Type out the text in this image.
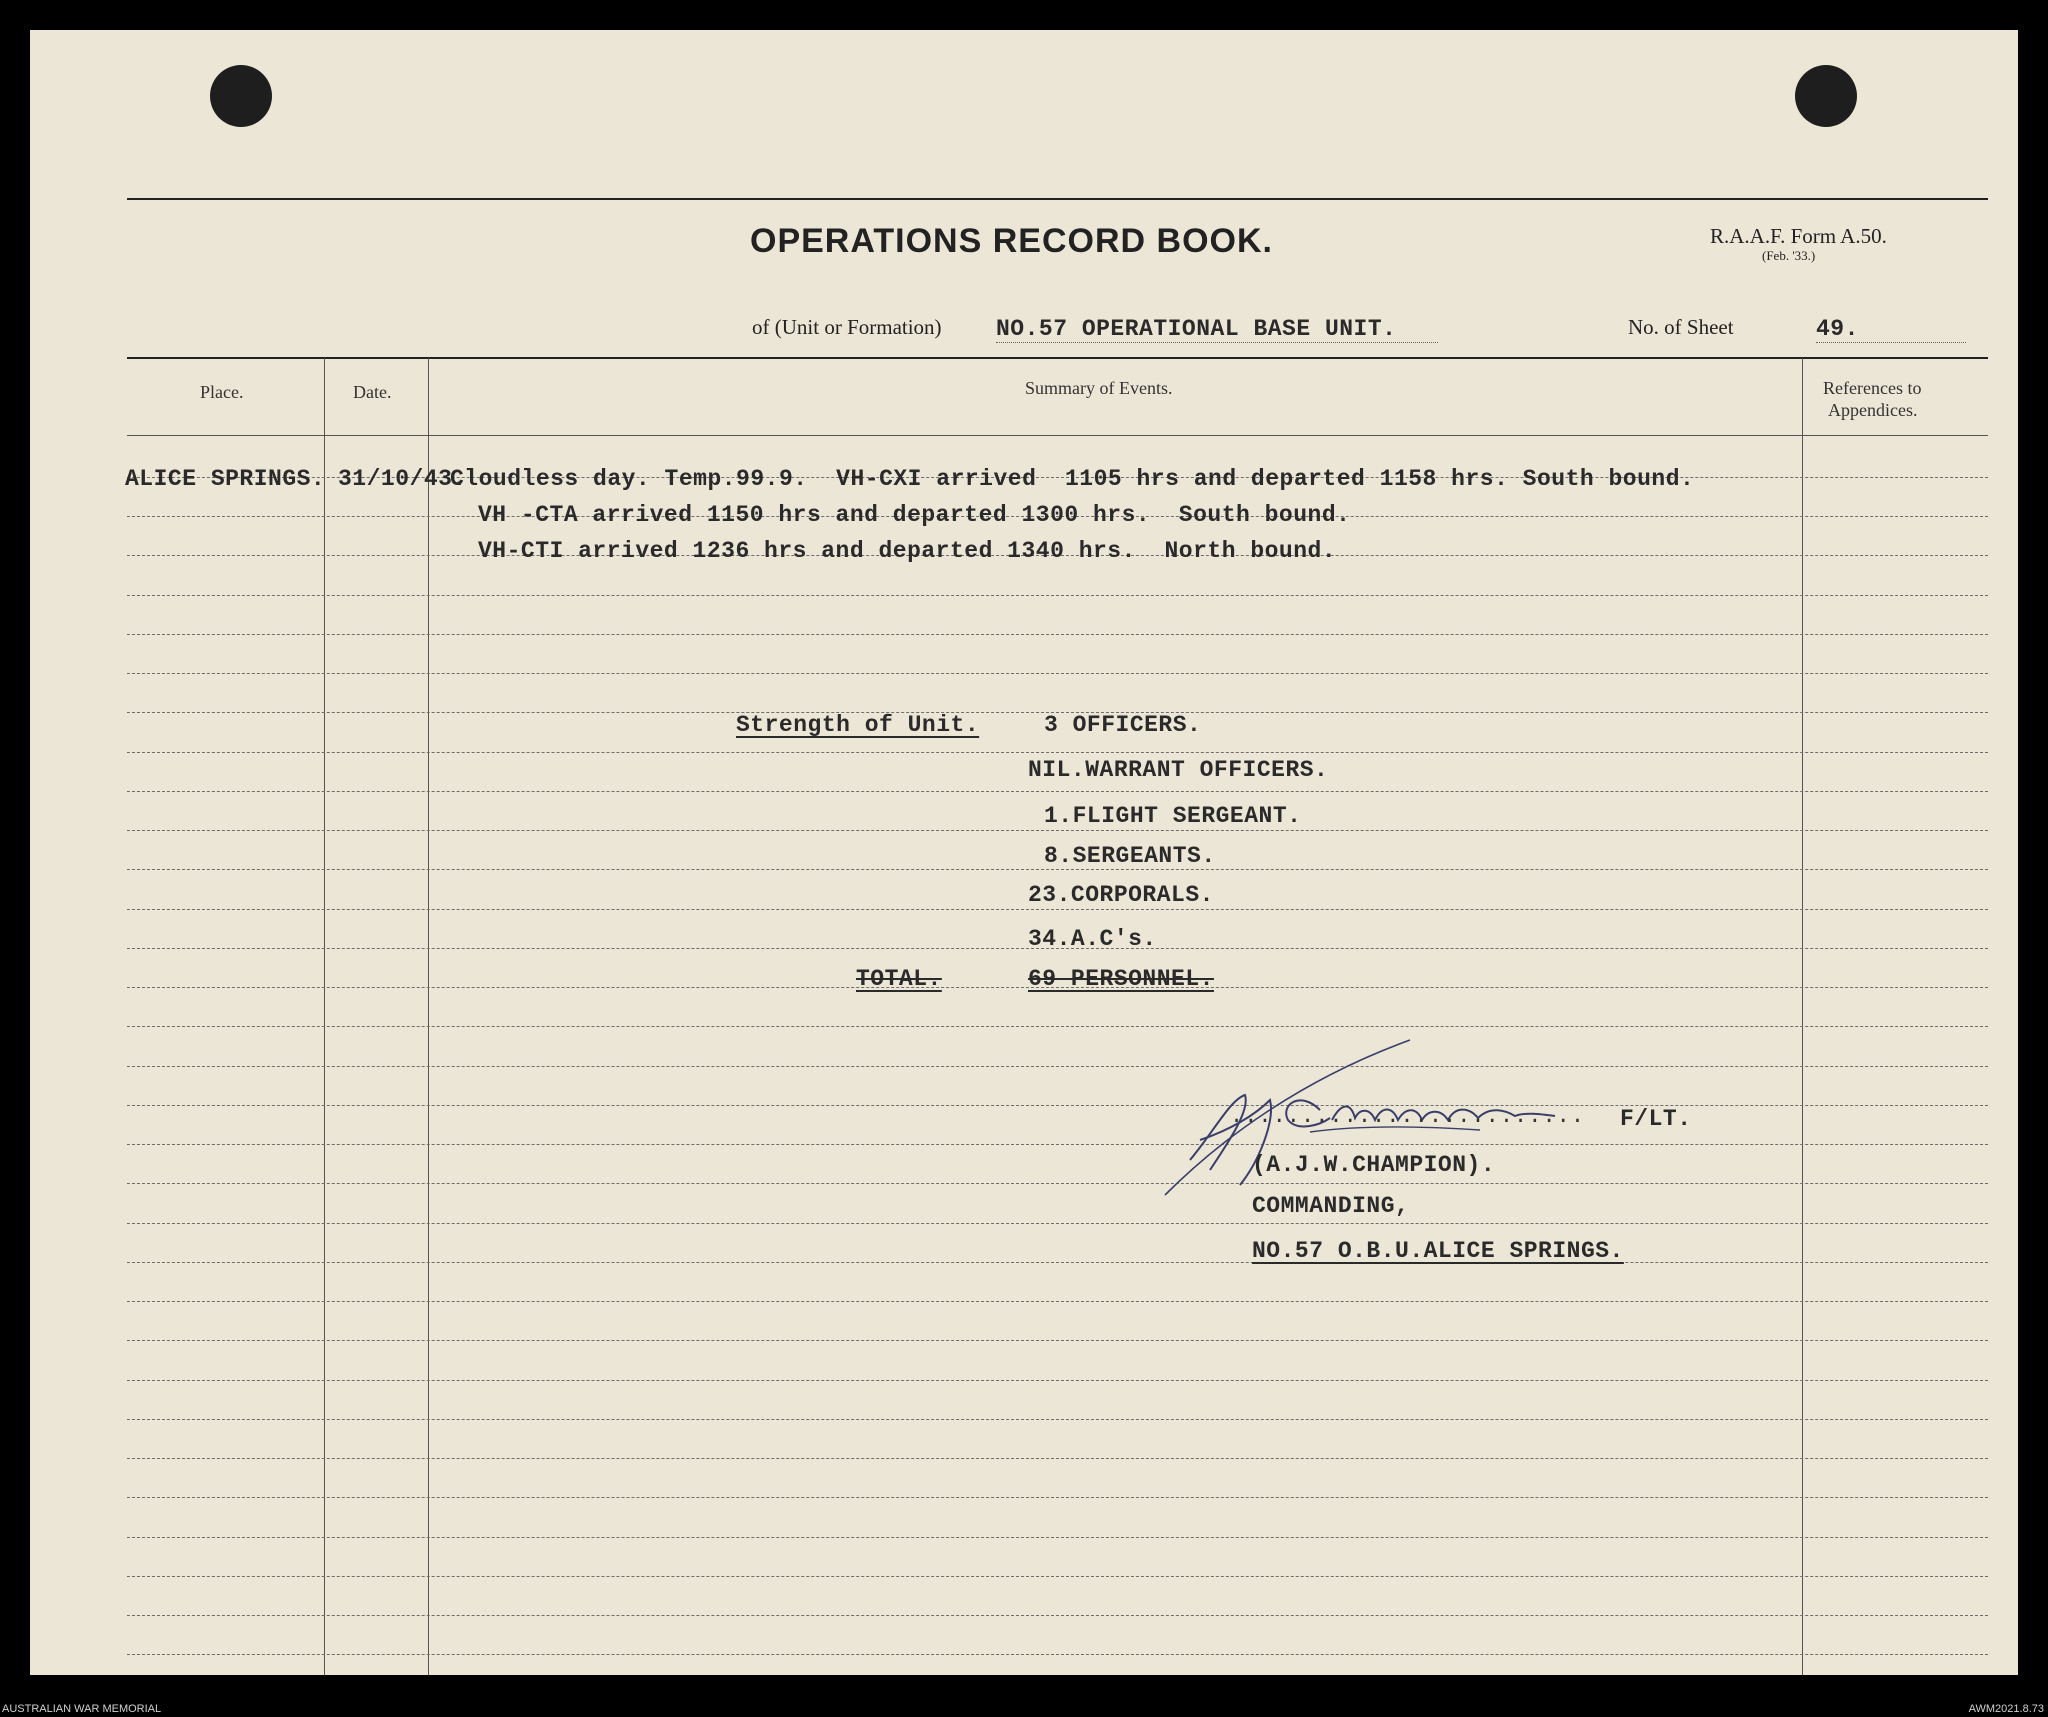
OPERATIONS RECORD BOOK.	R.A.A.F. Form A.50.
(Feb. '33.)
of (Unit or Formation) NO.57 OPERATIONAL BASE UNIT.	No. of Sheet	49.
Place.	Date.	Summary of Events.	References to
Appendices.
ALICE SPRINGS. 31/10/43.
Cloudless day. Temp.99.9.  VH-CXI arrived  1105 hrs and departed 1158 hrs. South bound.
VH -CTA arrived 1150 hrs and departed 1300 hrs.  South bound.
VH-CTI arrived 1236 hrs and departed 1340 hrs.  North bound.
Strength of Unit.	3 OFFICERS.
NIL.WARRANT OFFICERS.
1.FLIGHT SERGEANT.
8.SERGEANTS.
23.CORPORALS.
34.A.C's.
TOTAL.	69 PERSONNEL.
......................... F/LT.
(A.J.W.CHAMPION).
COMMANDING,
NO.57 O.B.U.ALICE SPRINGS.
AUSTRALIAN WAR MEMORIAL	AWM2021.8.73
